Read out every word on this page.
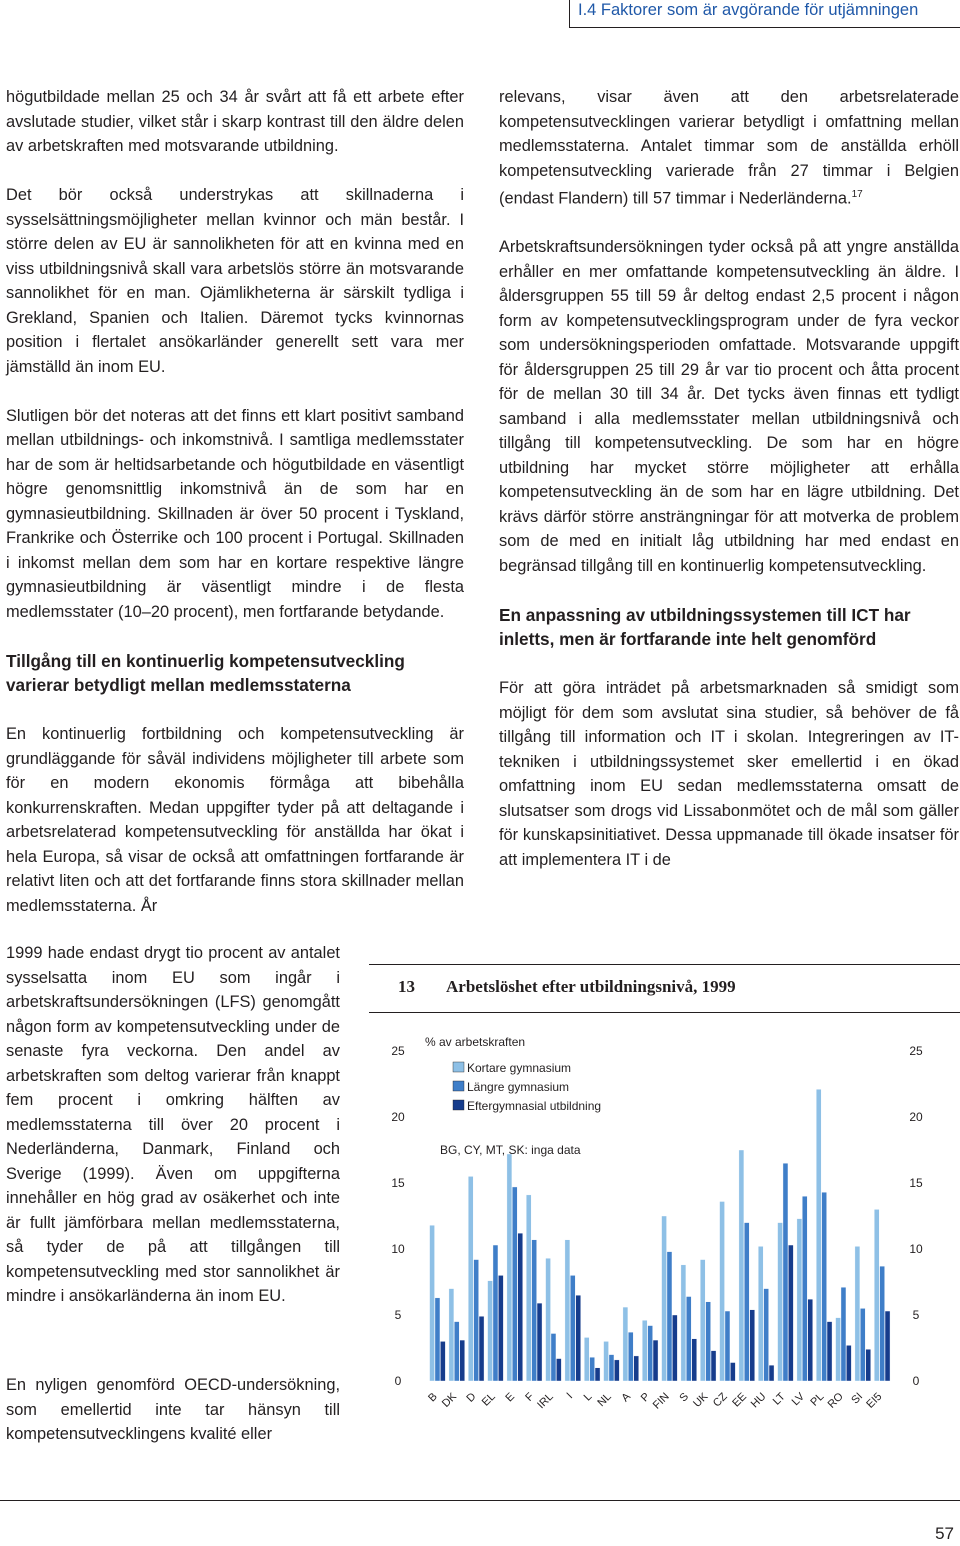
I.4 Faktorer som är avgörande för utjämningen

högutbildade mellan 25 och 34 år svårt att få ett arbete efter avslutade studier, vilket står i skarp kontrast till den äldre delen av arbetskraften med motsvarande utbildning.

Det bör också understrykas att skillnaderna i sysselsättningsmöjligheter mellan kvinnor och män består. I större delen av EU är sannolikheten för att en kvinna med en viss utbildningsnivå skall vara arbetslös större än motsvarande sannolikhet för en man. Ojämlikheterna är särskilt tydliga i Grekland, Spanien och Italien. Däremot tycks kvinnornas position i flertalet ansökarländer generellt sett vara mer jämställd än inom EU.

Slutligen bör det noteras att det finns ett klart positivt samband mellan utbildnings- och inkomstnivå. I samtliga medlemsstater har de som är heltidsarbetande och högutbildade en väsentligt högre genomsnittlig inkomstnivå än de som har en gymnasieutbildning. Skillnaden är över 50 procent i Tyskland, Frankrike och Österrike och 100 procent i Portugal. Skillnaden i inkomst mellan dem som har en kortare respektive längre gymnasieutbildning är väsentligt mindre i de flesta medlemsstater (10–20 procent), men fortfarande betydande.

Tillgång till en kontinuerlig kompetensutveckling varierar betydligt mellan medlemsstaterna

En kontinuerlig fortbildning och kompetensutveckling är grundläggande för såväl individens möjligheter till arbete som för en modern ekonomis förmåga att bibehålla konkurrenskraften. Medan uppgifter tyder på att deltagande i arbetsrelaterad kompetensutveckling för anställda har ökat i hela Europa, så visar de också att omfattningen fortfarande är relativt liten och att det fortfarande finns stora skillnader mellan medlemsstaterna. År

1999 hade endast drygt tio procent av antalet sysselsatta inom EU som ingår i arbetskraftsundersökningen (LFS) genomgått någon form av kompetensutveckling under de senaste fyra veckorna. Den andel av arbetskraften som deltog varierar från knappt fem procent i omkring hälften av medlemsstaterna till över 20 procent i Nederländerna, Danmark, Finland och Sverige (1999). Även om uppgifterna innehåller en hög grad av osäkerhet och inte är fullt jämförbara mellan medlemsstaterna, så tyder de på att tillgången till kompetensutveckling med stor sannolikhet är mindre i ansökarländerna än inom EU.

En nyligen genomförd OECD-undersökning, som emellertid inte tar hänsyn till kompetensutvecklingens kvalité eller

relevans, visar även att den arbetsrelaterade kompetensutvecklingen varierar betydligt i omfattning mellan medlemsstaterna. Antalet timmar som de anställda erhöll kompetensutveckling varierade från 27 timmar i Belgien (endast Flandern) till 57 timmar i Nederländerna.$^{17}$

Arbetskraftsundersökningen tyder också på att yngre anställda erhåller en mer omfattande kompetensutveckling än äldre. I åldersgruppen 55 till 59 år deltog endast 2,5 procent i någon form av kompetensutvecklingsprogram under de fyra veckor som undersökningsperioden omfattade. Motsvarande uppgift för åldersgruppen 25 till 29 år var tio procent och åtta procent för de mellan 30 till 34 år. Det tycks även finnas ett tydligt samband i alla medlemsstater mellan utbildningsnivå och tillgång till kompetensutveckling. De som har en högre utbildning har mycket större möjligheter att erhålla kompetensutveckling än de som har en lägre utbildning. Det krävs därför större ansträngningar för att motverka de problem som de med en initialt låg utbildning har med endast en begränsad tillgång till en kontinuerlig kompetensutveckling.

En anpassning av utbildningssystemen till ICT har inletts, men är fortfarande inte helt genomförd

För att göra inträdet på arbetsmarknaden så smidigt som möjligt för dem som avslutat sina studier, så behöver de få tillgång till information och IT i skolan. Integreringen av IT-tekniken i utbildningssystemet sker emellertid i en ökad omfattning inom EU sedan medlemsstaterna omsatt de slutsatser som drogs vid Lissabonmötet och de mål som gäller för kunskapsinitiativet. Dessa uppmanade till ökade insatser för att implementera IT i de

13 Arbetslöshet efter utbildningsnivå, 1999
0	0
5	5
10	10
15	15
20	20
25	25
B DK D EL E F
IRL I L NL A P
FIN S UK CZ EE HU LT LV PL RO SI EI5
Kortare gymnasium
Längre gymnasium
Eftergymnasial utbildning
% av arbetskraften
BG, CY, MT, SK: inga data
57
